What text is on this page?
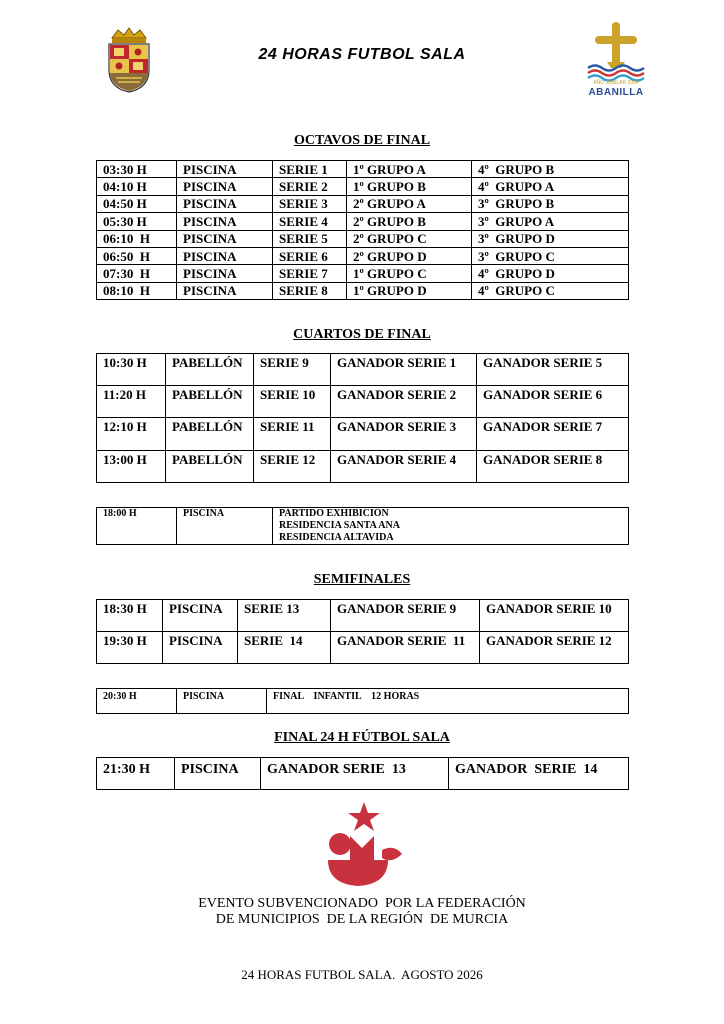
24 HORAS FUTBOL SALA
AÑO JUBILAR 2026
ABANILLA
OCTAVOS DE FINAL
03:30 H	PISCINA	SERIE 1	1º GRUPO A	4º  GRUPO B
04:10 H	PISCINA	SERIE 2	1º GRUPO B	4º  GRUPO A
04:50 H	PISCINA	SERIE 3	2º GRUPO A	3º  GRUPO B
05:30 H	PISCINA	SERIE 4	2º GRUPO B	3º  GRUPO A
06:10  H	PISCINA	SERIE 5	2º GRUPO C	3º  GRUPO D
06:50  H	PISCINA	SERIE 6	2º GRUPO D	3º  GRUPO C
07:30  H	PISCINA	SERIE 7	1º GRUPO C	4º  GRUPO D
08:10  H	PISCINA	SERIE 8	1º GRUPO D	4º  GRUPO C
CUARTOS DE FINAL
10:30 H	PABELLÓN	SERIE 9	GANADOR SERIE 1	GANADOR SERIE 5
11:20 H	PABELLÓN	SERIE 10	GANADOR SERIE 2	GANADOR SERIE 6
12:10 H	PABELLÓN	SERIE 11	GANADOR SERIE 3	GANADOR SERIE 7
13:00 H	PABELLÓN	SERIE 12	GANADOR SERIE 4	GANADOR SERIE 8
18:00 H	PISCINA	PARTIDO EXHIBICIÓN
RESIDENCIA SANTA ANA
RESIDENCIA ALTAVIDA
SEMIFINALES
18:30 H	PISCINA	SERIE 13	GANADOR SERIE 9	GANADOR SERIE 10
19:30 H	PISCINA	SERIE  14	GANADOR SERIE  11	GANADOR SERIE 12
20:30 H	PISCINA	FINAL    INFANTIL    12 HORAS
FINAL 24 H FÚTBOL SALA
21:30 H	PISCINA	GANADOR SERIE  13	GANADOR  SERIE  14
EVENTO SUBVENCIONADO  POR LA FEDERACIÓN
DE MUNICIPIOS  DE LA REGIÓN  DE MURCIA
24 HORAS FUTBOL SALA.  AGOSTO 2026
